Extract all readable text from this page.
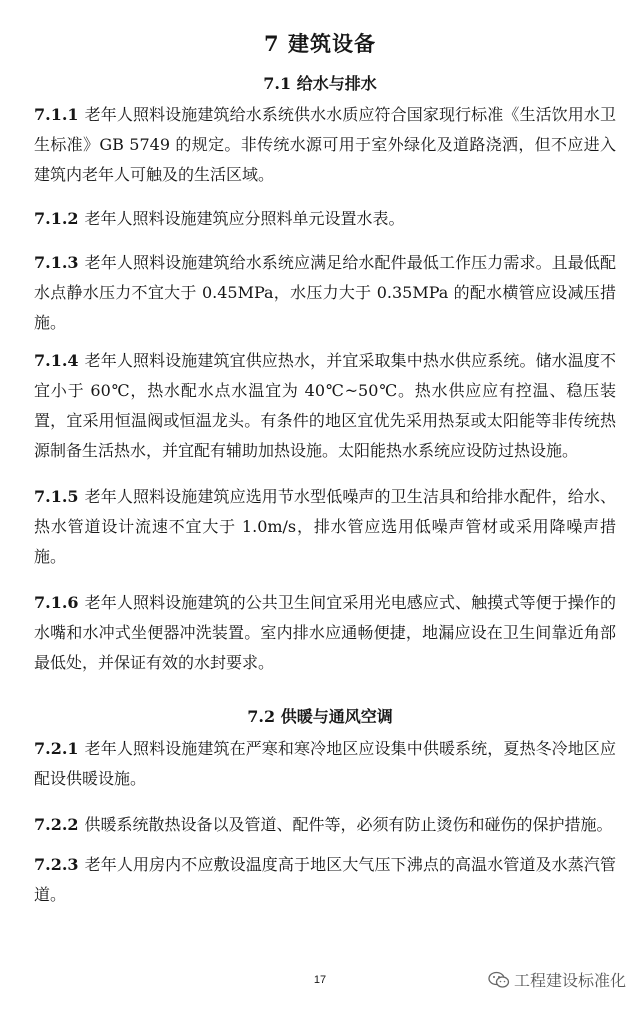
7 建筑设备
7.1 给水与排水

7.1.1 老年人照料设施建筑给水系统供水水质应符合国家现行标准《生活饮用水卫生标准》GB 5749 的规定。非传统水源可用于室外绿化及道路浇洒，但不应进入建筑内老年人可触及的生活区域。

7.1.2 老年人照料设施建筑应分照料单元设置水表。

7.1.3 老年人照料设施建筑给水系统应满足给水配件最低工作压力需求。且最低配水点静水压力不宜大于 0.45MPa，水压力大于 0.35MPa 的配水横管应设减压措施。

7.1.4 老年人照料设施建筑宜供应热水，并宜采取集中热水供应系统。储水温度不宜小于 60℃，热水配水点水温宜为 40℃~50℃。热水供应应有控温、稳压装置，宜采用恒温阀或恒温龙头。有条件的地区宜优先采用热泵或太阳能等非传统热源制备生活热水，并宜配有辅助加热设施。太阳能热水系统应设防过热设施。

7.1.5 老年人照料设施建筑应选用节水型低噪声的卫生洁具和给排水配件，给水、热水管道设计流速不宜大于 1.0m/s，排水管应选用低噪声管材或采用降噪声措施。

7.1.6 老年人照料设施建筑的公共卫生间宜采用光电感应式、触摸式等便于操作的水嘴和水冲式坐便器冲洗装置。室内排水应通畅便捷，地漏应设在卫生间靠近角部最低处，并保证有效的水封要求。

7.2 供暖与通风空调

7.2.1 老年人照料设施建筑在严寒和寒冷地区应设集中供暖系统，夏热冬冷地区应配设供暖设施。

7.2.2 供暖系统散热设备以及管道、配件等，必须有防止烫伤和碰伤的保护措施。

7.2.3 老年人用房内不应敷设温度高于地区大气压下沸点的高温水管道及水蒸汽管道。

17	工程建设标准化
